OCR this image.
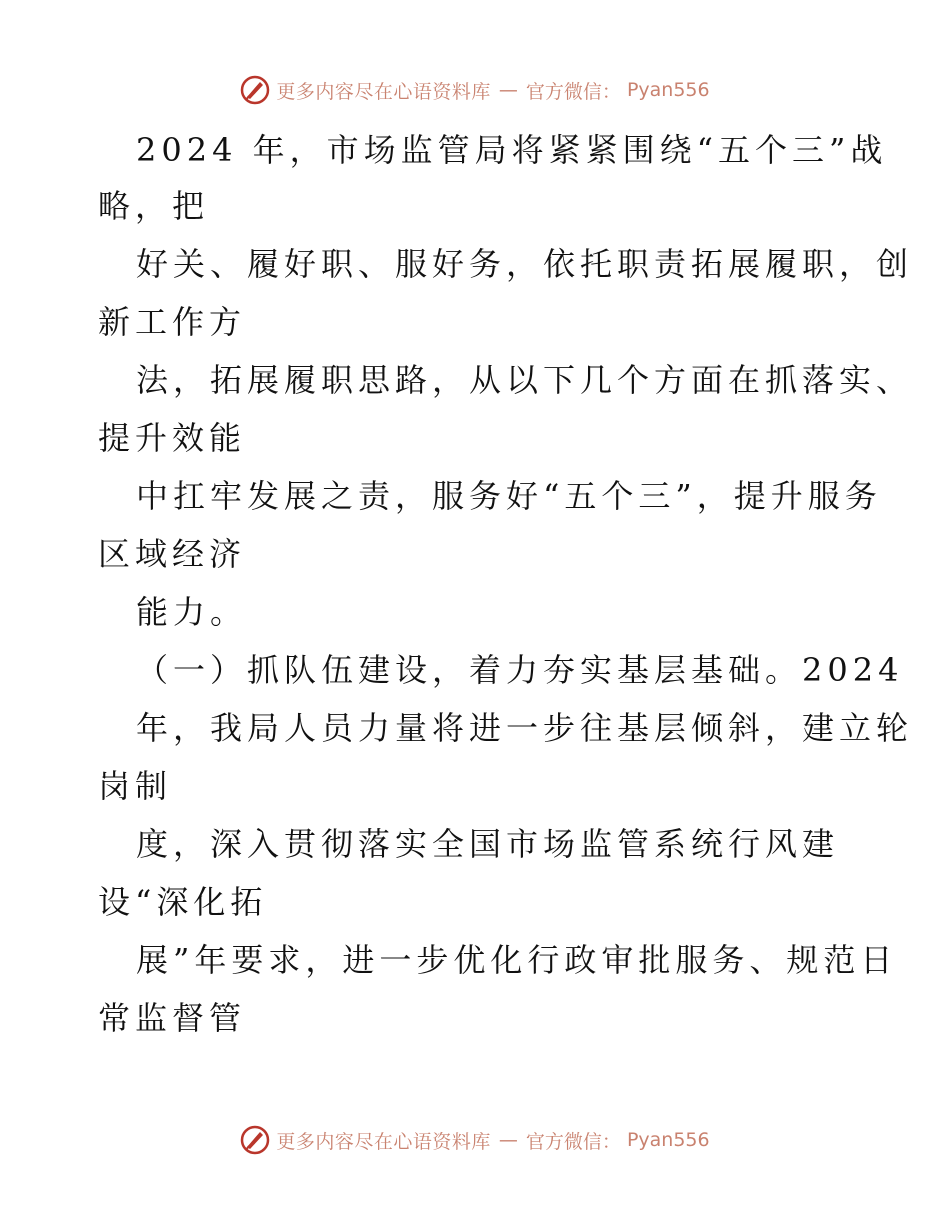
更多内容尽在心语资料库 — 官方微信： Pyan556
2024 年，市场监管局将紧紧围绕“五个三”战
略，把
好关、履好职、服好务，依托职责拓展履职，创
新工作方
法，拓展履职思路，从以下几个方面在抓落实、
提升效能
中扛牢发展之责，服务好“五个三”，提升服务
区域经济
能力。
（一）抓队伍建设，着力夯实基层基础。2024
年，我局人员力量将进一步往基层倾斜，建立轮
岗制
度，深入贯彻落实全国市场监管系统行风建
设“深化拓
展”年要求，进一步优化行政审批服务、规范日
常监督管
更多内容尽在心语资料库 — 官方微信： Pyan556
